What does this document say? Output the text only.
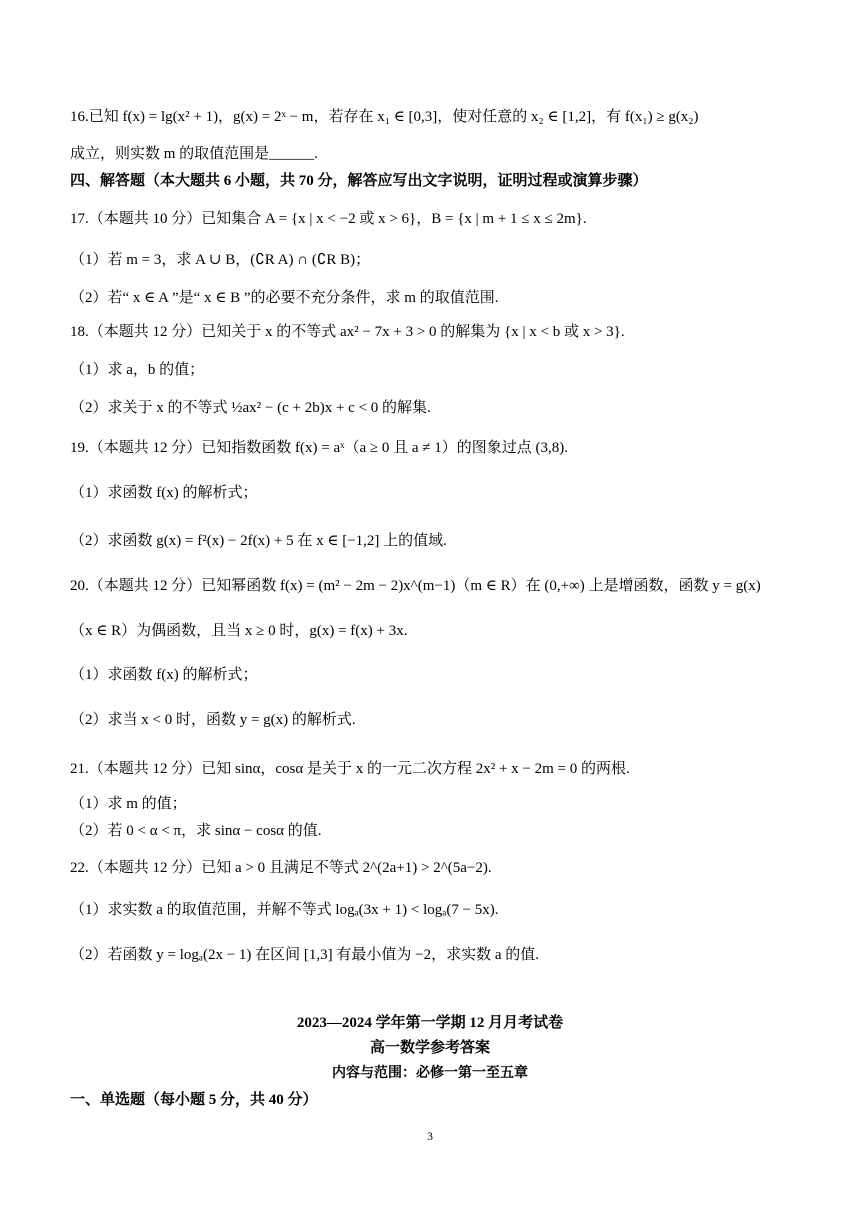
16.已知 f(x) = lg(x² + 1)，g(x) = 2ˣ − m，若存在 x₁ ∈ [0,3]，使对任意的 x₂ ∈ [1,2]，有 f(x₁) ≥ g(x₂)
成立，则实数 m 的取值范围是______.
四、解答题（本大题共 6 小题，共 70 分，解答应写出文字说明，证明过程或演算步骤）
17.（本题共 10 分）已知集合 A = {x | x < −2 或 x > 6}，B = {x | m + 1 ≤ x ≤ 2m}.
（1）若 m = 3，求 A ∪ B，(∁R A) ∩ (∁R B)；
（2）若“ x ∈ A ”是“ x ∈ B ”的必要不充分条件，求 m 的取值范围.
18.（本题共 12 分）已知关于 x 的不等式 ax² − 7x + 3 > 0 的解集为 {x | x < b 或 x > 3}.
（1）求 a，b 的值；
（2）求关于 x 的不等式 ½ax² − (c + 2b)x + c < 0 的解集.
19.（本题共 12 分）已知指数函数 f(x) = aˣ（a ≥ 0 且 a ≠ 1）的图象过点 (3,8).
（1）求函数 f(x) 的解析式；
（2）求函数 g(x) = f²(x) − 2f(x) + 5 在 x ∈ [−1,2] 上的值域.
20.（本题共 12 分）已知幂函数 f(x) = (m² − 2m − 2)x^(m−1)（m ∈ R）在 (0,+∞) 上是增函数，函数 y = g(x)
（x ∈ R）为偶函数，且当 x ≥ 0 时，g(x) = f(x) + 3x.
（1）求函数 f(x) 的解析式；
（2）求当 x < 0 时，函数 y = g(x) 的解析式.
21.（本题共 12 分）已知 sinα，cosα 是关于 x 的一元二次方程 2x² + x − 2m = 0 的两根.
（1）求 m 的值；
（2）若 0 < α < π，求 sinα − cosα 的值.
22.（本题共 12 分）已知 a > 0 且满足不等式 2^(2a+1) > 2^(5a−2).
（1）求实数 a 的取值范围，并解不等式 logₐ(3x + 1) < logₐ(7 − 5x).
（2）若函数 y = logₐ(2x − 1) 在区间 [1,3] 有最小值为 −2，求实数 a 的值.
2023—2024 学年第一学期 12 月月考试卷
高一数学参考答案
内容与范围：必修一第一至五章
一、单选题（每小题 5 分，共 40 分）
3
